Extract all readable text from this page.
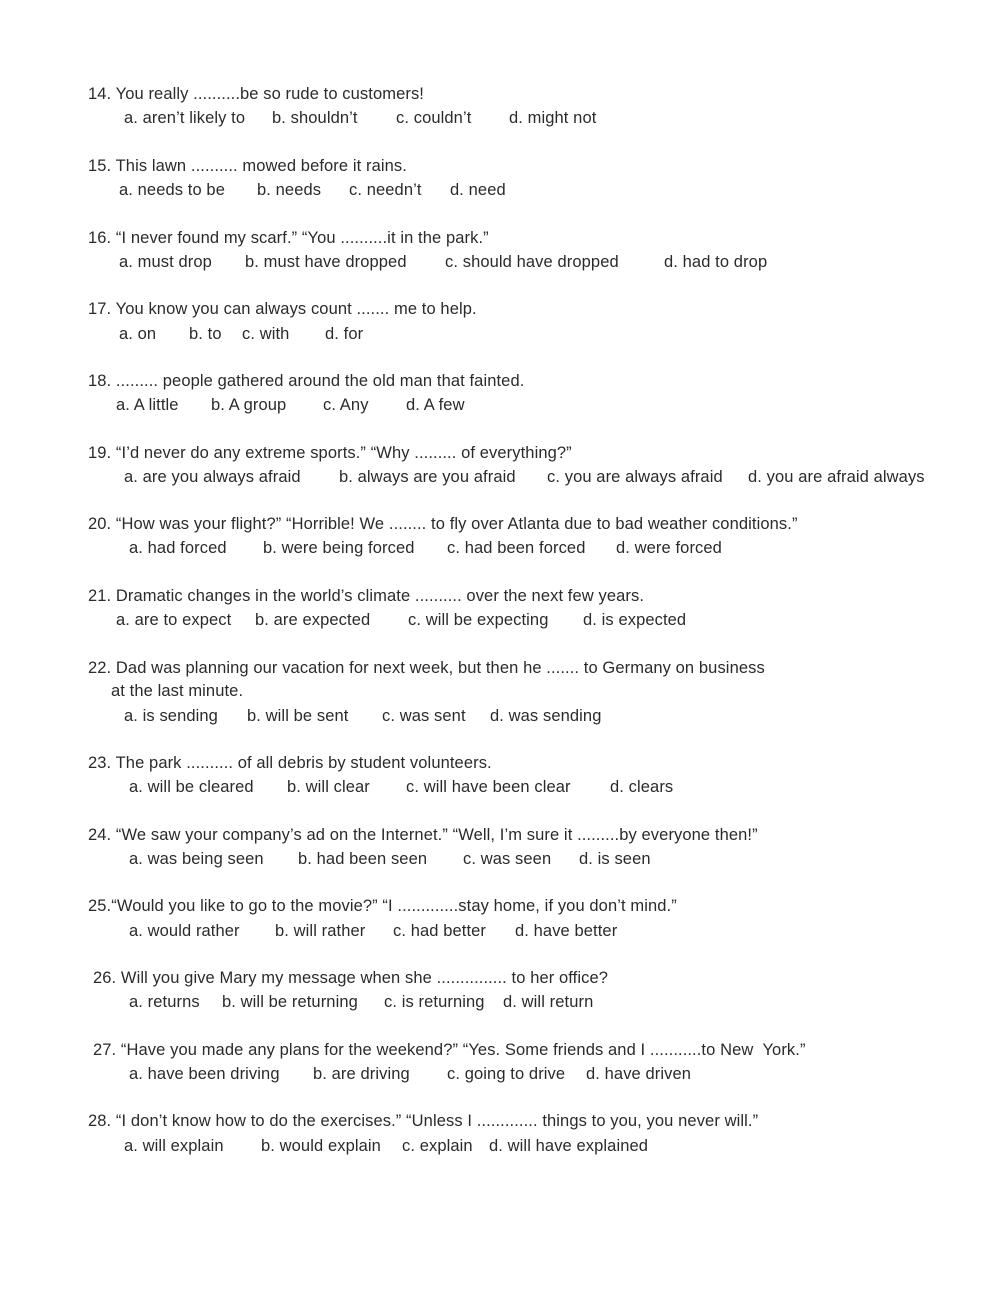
14. You really ..........be so rude to customers!
a. aren’t likely to	b. shouldn’t	c. couldn’t	d. might not
15. This lawn .......... mowed before it rains.
a. needs to be	b. needs	c. needn’t	d. need
16. “I never found my scarf.” “You ..........it in the park.”
a. must drop	b. must have dropped	c. should have dropped	d. had to drop
17. You know you can always count ....... me to help.
a. on	b. to	c. with	d. for
18. ......... people gathered around the old man that fainted.
a. A little	b. A group	c. Any	d. A few
19. “I’d never do any extreme sports.” “Why ......... of everything?”
a. are you always afraid	b. always are you afraid	c. you are always afraid	d. you are afraid always
20. “How was your flight?” “Horrible! We ........ to fly over Atlanta due to bad weather conditions.”
a. had forced	b. were being forced	c. had been forced	d. were forced
21. Dramatic changes in the world’s climate .......... over the next few years.
a. are to expect	b. are expected	c. will be expecting	d. is expected
22. Dad was planning our vacation for next week, but then he ....... to Germany on business
at the last minute.
a. is sending	b. will be sent	c. was sent	d. was sending
23. The park .......... of all debris by student volunteers.
a. will be cleared	b. will clear	c. will have been clear	d. clears
24. “We saw your company’s ad on the Internet.” “Well, I’m sure it .........by everyone then!”
a. was being seen	b. had been seen	c. was seen	d. is seen
25.“Would you like to go to the movie?” “I .............stay home, if you don’t mind.”
a. would rather	b. will rather	c. had better	d. have better
26. Will you give Mary my message when she ............... to her office?
a. returns	b. will be returning	c. is returning	d. will return
27. “Have you made any plans for the weekend?” “Yes. Some friends and I ...........to New  York.”
a. have been driving	b. are driving	c. going to drive	d. have driven
28. “I don’t know how to do the exercises.” “Unless I ............. things to you, you never will.”
a. will explain	b. would explain	c. explain d. will have explained
